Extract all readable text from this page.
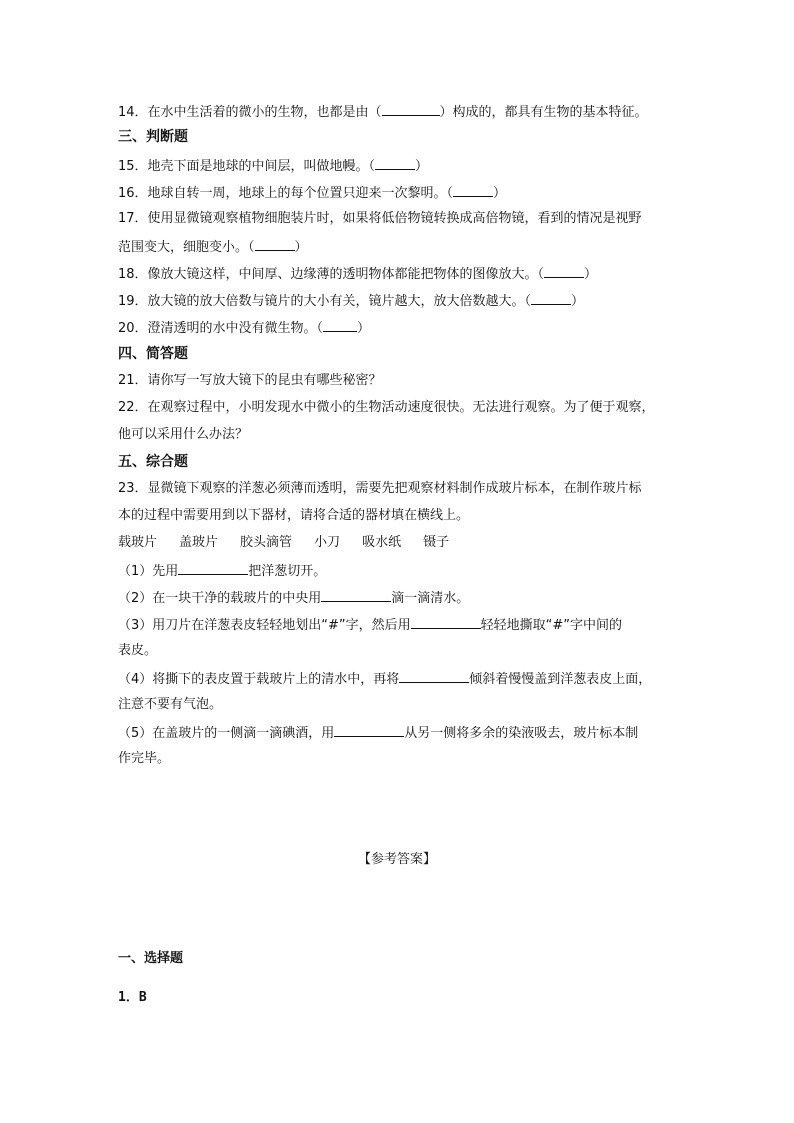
14．在水中生活着的微小的生物，也都是由（	）构成的，都具有生物的基本特征。
三、判断题
15．地壳下面是地球的中间层，叫做地幔。（	）
16．地球自转一周，地球上的每个位置只迎来一次黎明。（	）
17．使用显微镜观察植物细胞装片时，如果将低倍物镜转换成高倍物镜，看到的情况是视野
范围变大，细胞变小。（	）
18．像放大镜这样，中间厚、边缘薄的透明物体都能把物体的图像放大。（	）
19．放大镜的放大倍数与镜片的大小有关，镜片越大，放大倍数越大。（	）
20．澄清透明的水中没有微生物。（	）
四、简答题
21．请你写一写放大镜下的昆虫有哪些秘密？
22．在观察过程中，小明发现水中微小的生物活动速度很快。无法进行观察。为了便于观察，
他可以采用什么办法？
五、综合题
23．显微镜下观察的洋葱必须薄而透明，需要先把观察材料制作成玻片标本，在制作玻片标
本的过程中需要用到以下器材，请将合适的器材填在横线上。
载玻片 盖玻片 胶头滴管 小刀 吸水纸 镊子
（1）先用	把洋葱切开。
（2）在一块干净的载玻片的中央用	滴一滴清水。
（3）用刀片在洋葱表皮轻轻地划出“#”字，然后用	轻轻地撕取“#”字中间的
表皮。
（4）将撕下的表皮置于载玻片上的清水中，再将	倾斜着慢慢盖到洋葱表皮上面，
注意不要有气泡。
（5）在盖玻片的一侧滴一滴碘酒，用	从另一侧将多余的染液吸去，玻片标本制
作完毕。
【参考答案】
一、选择题
1．B
